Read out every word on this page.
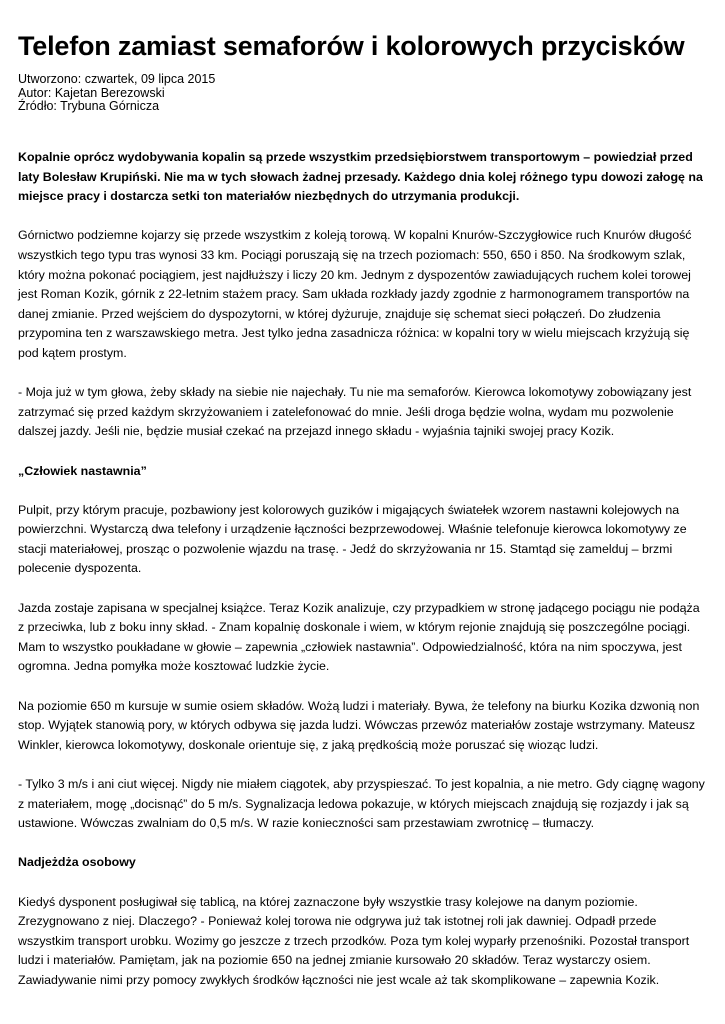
Telefon zamiast semaforów i kolorowych przycisków
Utworzono: czwartek, 09 lipca 2015
Autor: Kajetan Berezowski
Źródło: Trybuna Górnicza

Kopalnie oprócz wydobywania kopalin są przede wszystkim przedsiębiorstwem transportowym – powiedział przed laty Bolesław Krupiński. Nie ma w tych słowach żadnej przesady. Każdego dnia kolej różnego typu dowozi załogę na miejsce pracy i dostarcza setki ton materiałów niezbędnych do utrzymania produkcji.

Górnictwo podziemne kojarzy się przede wszystkim z koleją torową. W kopalni Knurów-Szczygłowice ruch Knurów długość wszystkich tego typu tras wynosi 33 km. Pociągi poruszają się na trzech poziomach: 550, 650 i 850. Na środkowym szlak, który można pokonać pociągiem, jest najdłuższy i liczy 20 km. Jednym z dyspozentów zawiadujących ruchem kolei torowej jest Roman Kozik, górnik z 22-letnim stażem pracy. Sam układa rozkłady jazdy zgodnie z harmonogramem transportów na danej zmianie. Przed wejściem do dyspozytorni, w której dyżuruje, znajduje się schemat sieci połączeń. Do złudzenia przypomina ten z warszawskiego metra. Jest tylko jedna zasadnicza różnica: w kopalni tory w wielu miejscach krzyżują się pod kątem prostym.

- Moja już w tym głowa, żeby składy na siebie nie najechały. Tu nie ma semaforów. Kierowca lokomotywy zobowiązany jest zatrzymać się przed każdym skrzyżowaniem i zatelefonować do mnie. Jeśli droga będzie wolna, wydam mu pozwolenie dalszej jazdy. Jeśli nie, będzie musiał czekać na przejazd innego składu - wyjaśnia tajniki swojej pracy Kozik.

„Człowiek nastawnia”

Pulpit, przy którym pracuje, pozbawiony jest kolorowych guzików i migających światełek wzorem nastawni kolejowych na powierzchni. Wystarczą dwa telefony i urządzenie łączności bezprzewodowej. Właśnie telefonuje kierowca lokomotywy ze stacji materiałowej, prosząc o pozwolenie wjazdu na trasę. - Jedź do skrzyżowania nr 15. Stamtąd się zamelduj – brzmi polecenie dyspozenta.

Jazda zostaje zapisana w specjalnej książce. Teraz Kozik analizuje, czy przypadkiem w stronę jadącego pociągu nie podąża z przeciwka, lub z boku inny skład. - Znam kopalnię doskonale i wiem, w którym rejonie znajdują się poszczególne pociągi. Mam to wszystko poukładane w głowie – zapewnia „człowiek nastawnia”. Odpowiedzialność, która na nim spoczywa, jest ogromna. Jedna pomyłka może kosztować ludzkie życie.

Na poziomie 650 m kursuje w sumie osiem składów. Wożą ludzi i materiały. Bywa, że telefony na biurku Kozika dzwonią non stop. Wyjątek stanowią pory, w których odbywa się jazda ludzi. Wówczas przewóz materiałów zostaje wstrzymany. Mateusz Winkler, kierowca lokomotywy, doskonale orientuje się, z jaką prędkością może poruszać się wioząc ludzi.

- Tylko 3 m/s i ani ciut więcej. Nigdy nie miałem ciągotek, aby przyspieszać. To jest kopalnia, a nie metro. Gdy ciągnę wagony z materiałem, mogę „docisnąć” do 5 m/s. Sygnalizacja ledowa pokazuje, w których miejscach znajdują się rozjazdy i jak są ustawione. Wówczas zwalniam do 0,5 m/s. W razie konieczności sam przestawiam zwrotnicę – tłumaczy.

Nadjeżdża osobowy

Kiedyś dysponent posługiwał się tablicą, na której zaznaczone były wszystkie trasy kolejowe na danym poziomie. Zrezygnowano z niej. Dlaczego? - Ponieważ kolej torowa nie odgrywa już tak istotnej roli jak dawniej. Odpadł przede wszystkim transport urobku. Wozimy go jeszcze z trzech przodków. Poza tym kolej wyparły przenośniki. Pozostał transport ludzi i materiałów. Pamiętam, jak na poziomie 650 na jednej zmianie kursowało 20 składów. Teraz wystarczy osiem. Zawiadywanie nimi przy pomocy zwykłych środków łączności nie jest wcale aż tak skomplikowane – zapewnia Kozik.
